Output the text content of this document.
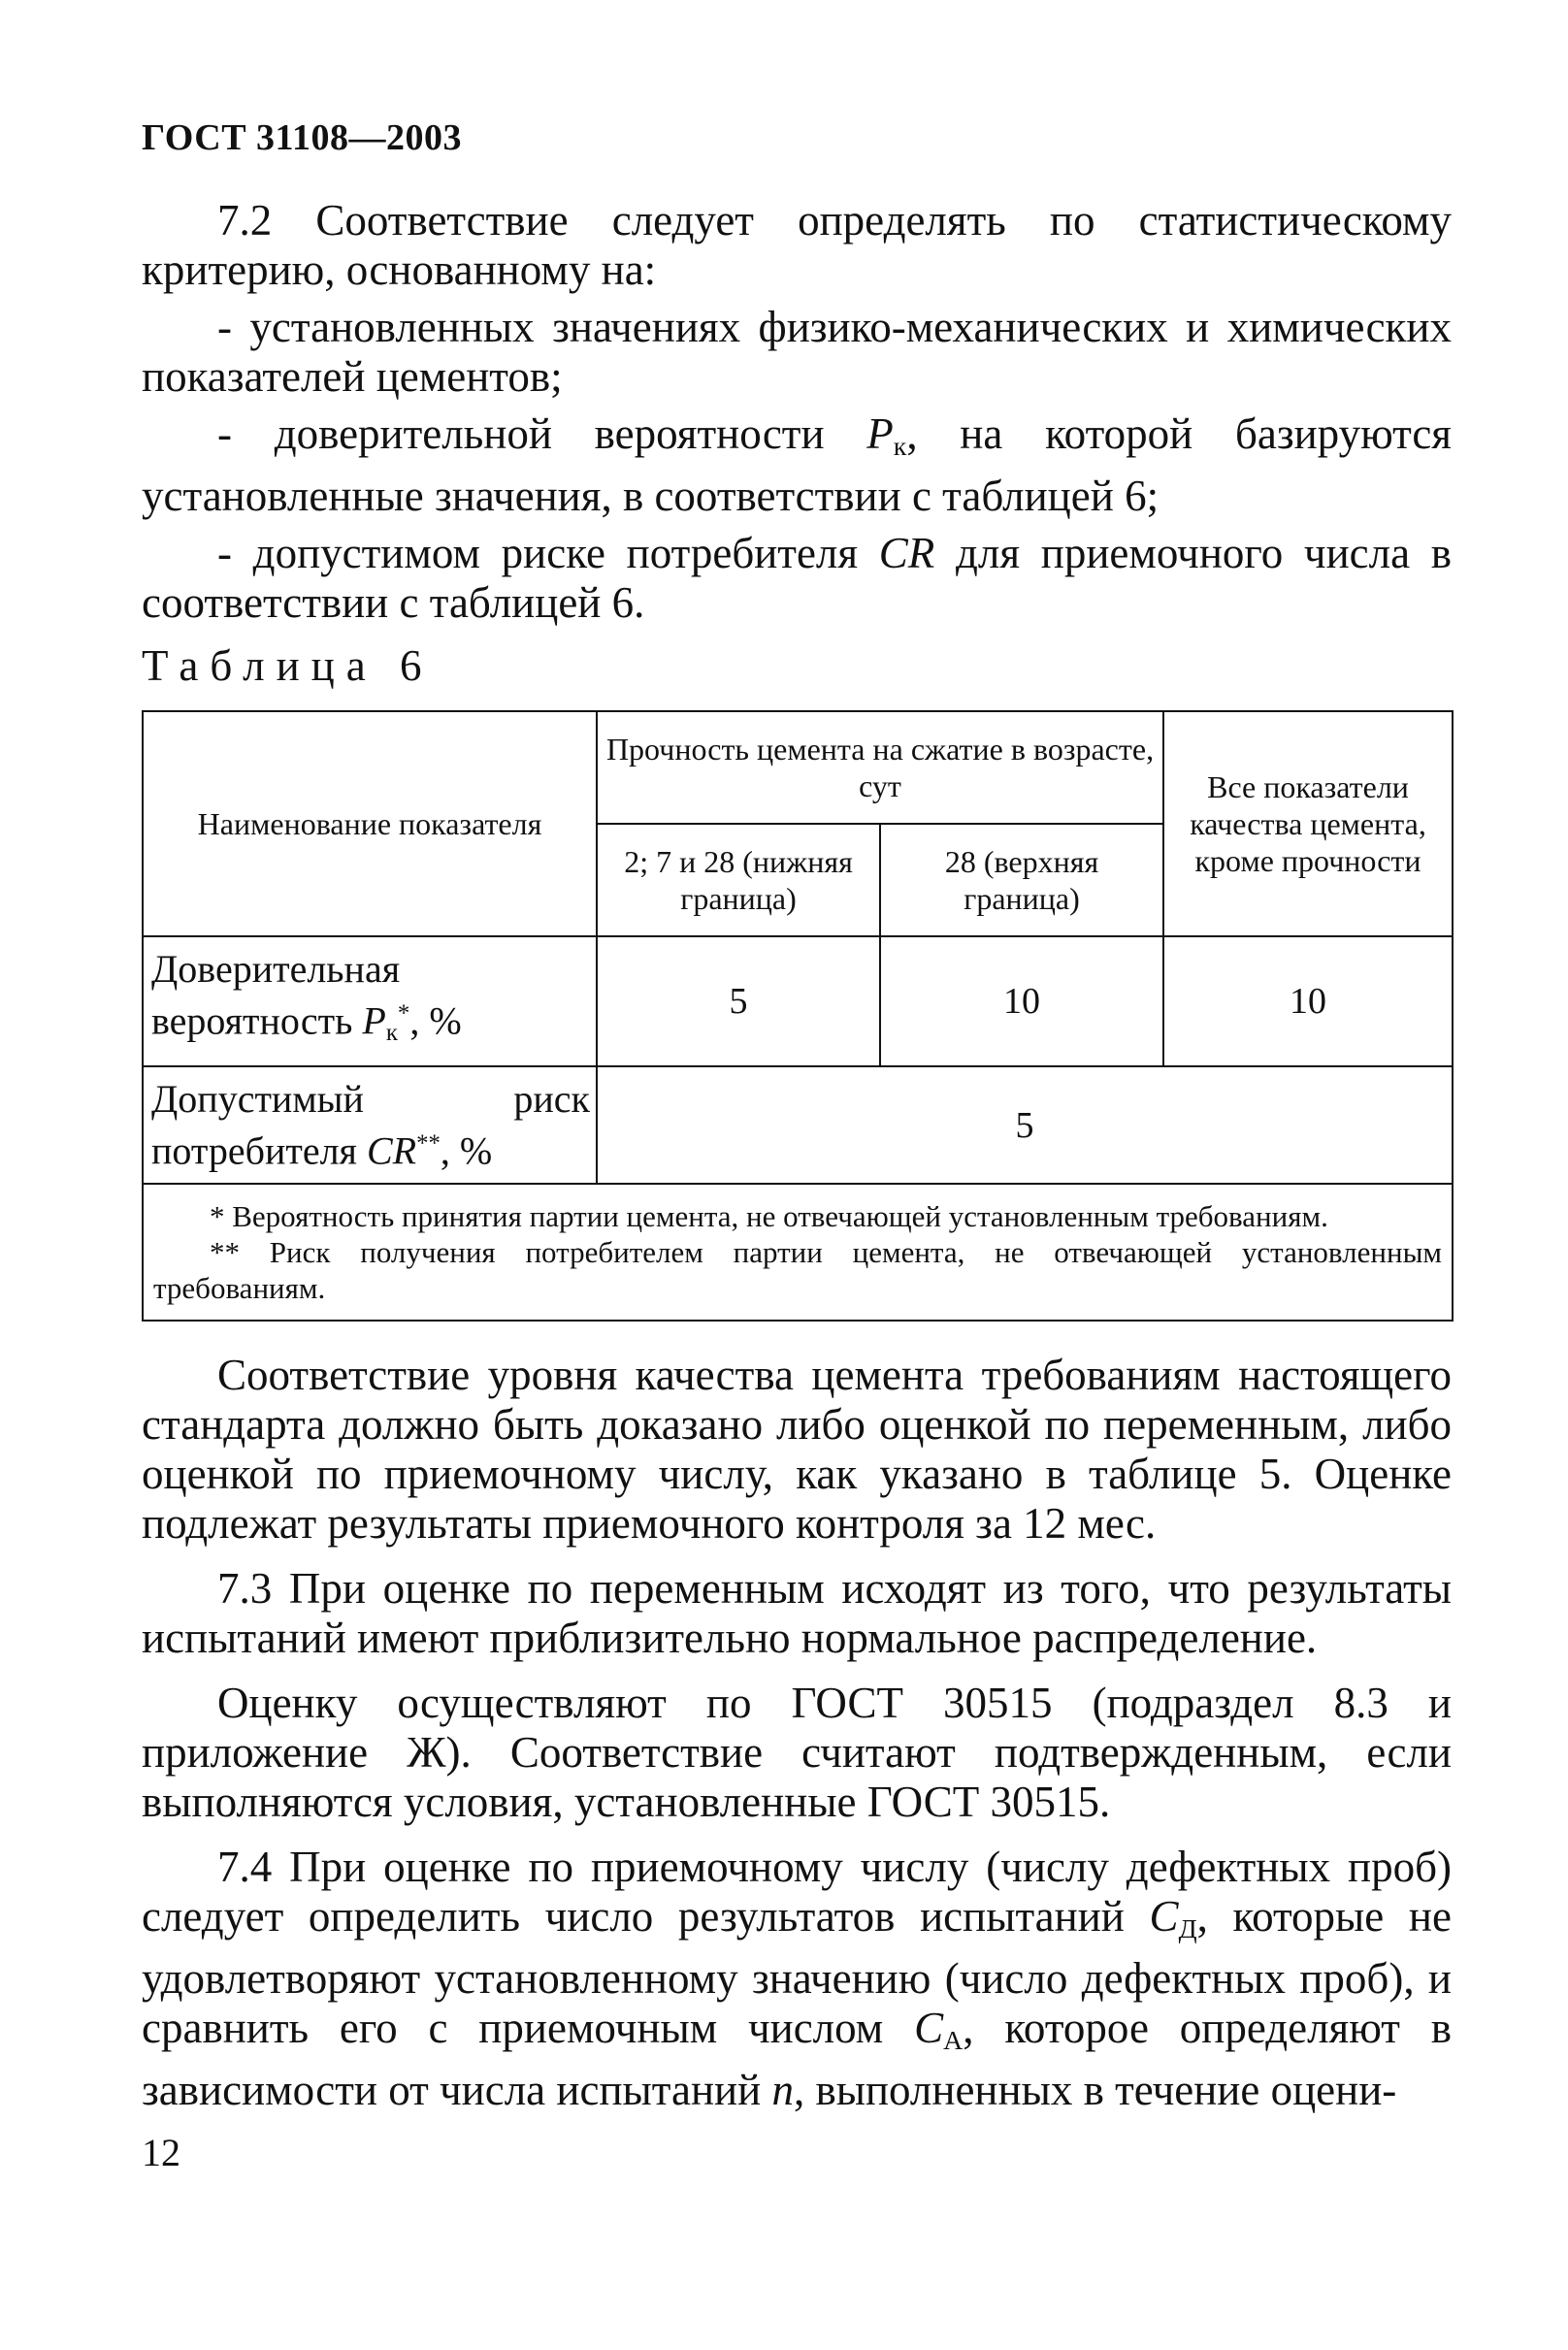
ГОСТ 31108—2003

7.2 Соответствие следует определять по статистическому критерию, основанному на:

- установленных значениях физико-механических и химических показателей цементов;

- доверительной вероятности $P_к$, на которой базируются установленные значения, в соответствии с таблицей 6;

- допустимом риске потребителя CR для приемочного числа в соответствии с таблицей 6.

Таблица 6
Наименование показателя	Прочность цемента на сжатие в возрасте, сут		Все показатели качества цемента, кроме прочности
	2; 7 и 28 (нижняя граница)	28 (верхняя граница)	
Доверительная вероятность $P_к^*$, %	5	10	10
Допустимый риск потребителя CR**, %	5		

* Вероятность принятия партии цемента, не отвечающей установленным требованиям.

** Риск получения потребителем партии цемента, не отвечающей установленным требованиям.			

Соответствие уровня качества цемента требованиям настоящего стандарта должно быть доказано либо оценкой по переменным, либо оценкой по приемочному числу, как указано в таблице 5. Оценке подлежат результаты приемочного контроля за 12 мес.

7.3 При оценке по переменным исходят из того, что результаты испытаний имеют приблизительно нормальное распределение.

Оценку осуществляют по ГОСТ 30515 (подраздел 8.3 и приложение Ж). Соответствие считают подтвержденным, если выполняются условия, установленные ГОСТ 30515.

7.4 При оценке по приемочному числу (числу дефектных проб) следует определить число результатов испытаний $C_Д$, которые не удовлетворяют установленному значению (число дефектных проб), и сравнить его с приемочным числом $C_А$, которое определяют в зависимости от числа испытаний n, выполненных в течение оцени-

12
